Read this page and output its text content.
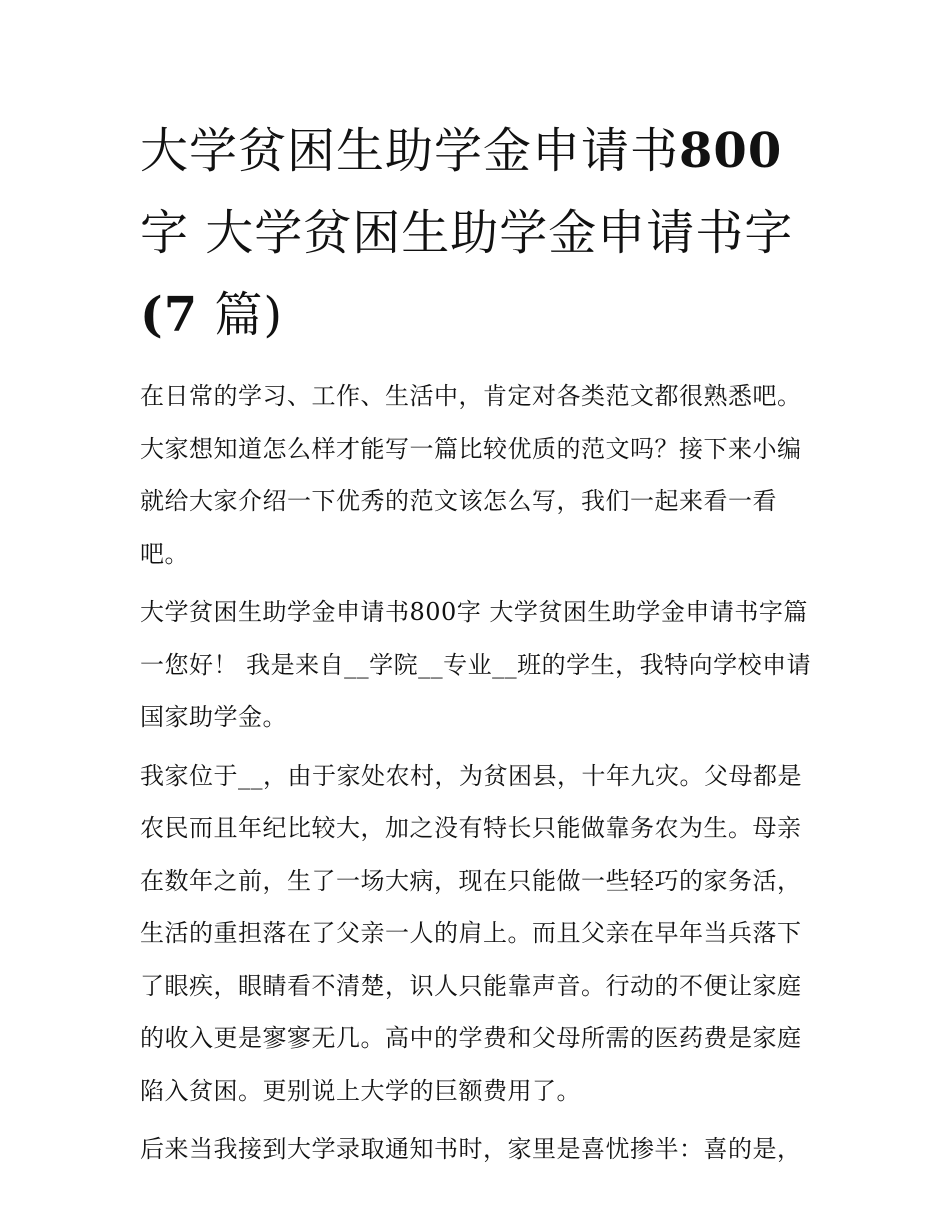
大学贫困生助学金申请书800
字 大学贫困生助学金申请书字
(7 篇)

在日常的学习、工作、生活中，肯定对各类范文都很熟悉吧。大家想知道怎么样才能写一篇比较优质的范文吗？接下来小编就给大家介绍一下优秀的范文该怎么写，我们一起来看一看吧。

大学贫困生助学金申请书800字 大学贫困生助学金申请书字篇一您好！ 我是来自__学院__专业__班的学生，我特向学校申请国家助学金。

我家位于__，由于家处农村，为贫困县，十年九灾。父母都是农民而且年纪比较大，加之没有特长只能做靠务农为生。母亲在数年之前，生了一场大病，现在只能做一些轻巧的家务活，生活的重担落在了父亲一人的肩上。而且父亲在早年当兵落下了眼疾，眼睛看不清楚，识人只能靠声音。行动的不便让家庭的收入更是寥寥无几。高中的学费和父母所需的医药费是家庭陷入贫困。更别说上大学的巨额费用了。

后来当我接到大学录取通知书时，家里是喜忧掺半：喜的是，
